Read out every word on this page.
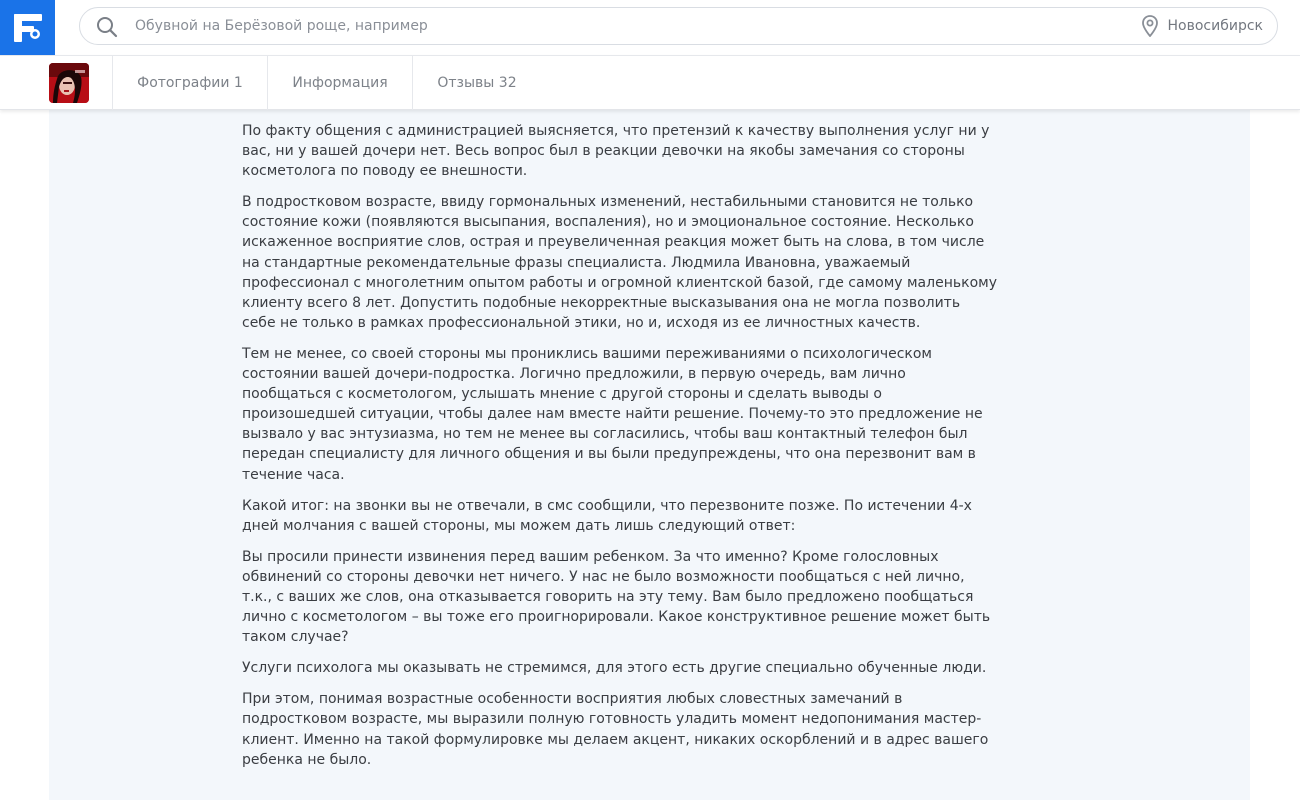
Обувной на Берёзовой роще, например
Новосибирск
Фотографии 1	Информация	Отзывы 32

По факту общения с администрацией выясняется, что претензий к качеству выполнения услуг ни у вас, ни у вашей дочери нет. Весь вопрос был в реакции девочки на якобы замечания со стороны косметолога по поводу ее внешности.

В подростковом возрасте, ввиду гормональных изменений, нестабильными становится не только состояние кожи (появляются высыпания, воспаления), но и эмоциональное состояние. Несколько искаженное восприятие слов, острая и преувеличенная реакция может быть на слова, в том числе на стандартные рекомендательные фразы специалиста. Людмила Ивановна, уважаемый профессионал с многолетним опытом работы и огромной клиентской базой, где самому маленькому клиенту всего 8 лет. Допустить подобные некорректные высказывания она не могла позволить себе не только в рамках профессиональной этики, но и, исходя из ее личностных качеств.

Тем не менее, со своей стороны мы прониклись вашими переживаниями о психологическом состоянии вашей дочери-подростка. Логично предложили, в первую очередь, вам лично пообщаться с косметологом, услышать мнение с другой стороны и сделать выводы о произошедшей ситуации, чтобы далее нам вместе найти решение. Почему-то это предложение не вызвало у вас энтузиазма, но тем не менее вы согласились, чтобы ваш контактный телефон был передан специалисту для личного общения и вы были предупреждены, что она перезвонит вам в течение часа.

Какой итог: на звонки вы не отвечали, в смс сообщили, что перезвоните позже. По истечении 4-х дней молчания с вашей стороны, мы можем дать лишь следующий ответ:

Вы просили принести извинения перед вашим ребенком. За что именно? Кроме голословных обвинений со стороны девочки нет ничего. У нас не было возможности пообщаться с ней лично, т.к., с ваших же слов, она отказывается говорить на эту тему. Вам было предложено пообщаться лично с косметологом – вы тоже его проигнорировали. Какое конструктивное решение может быть таком случае?

Услуги психолога мы оказывать не стремимся, для этого есть другие специально обученные люди.

При этом, понимая возрастные особенности восприятия любых словестных замечаний в подростковом возрасте, мы выразили полную готовность уладить момент недопонимания мастер-клиент. Именно на такой формулировке мы делаем акцент, никаких оскорблений и в адрес вашего ребенка не было.
